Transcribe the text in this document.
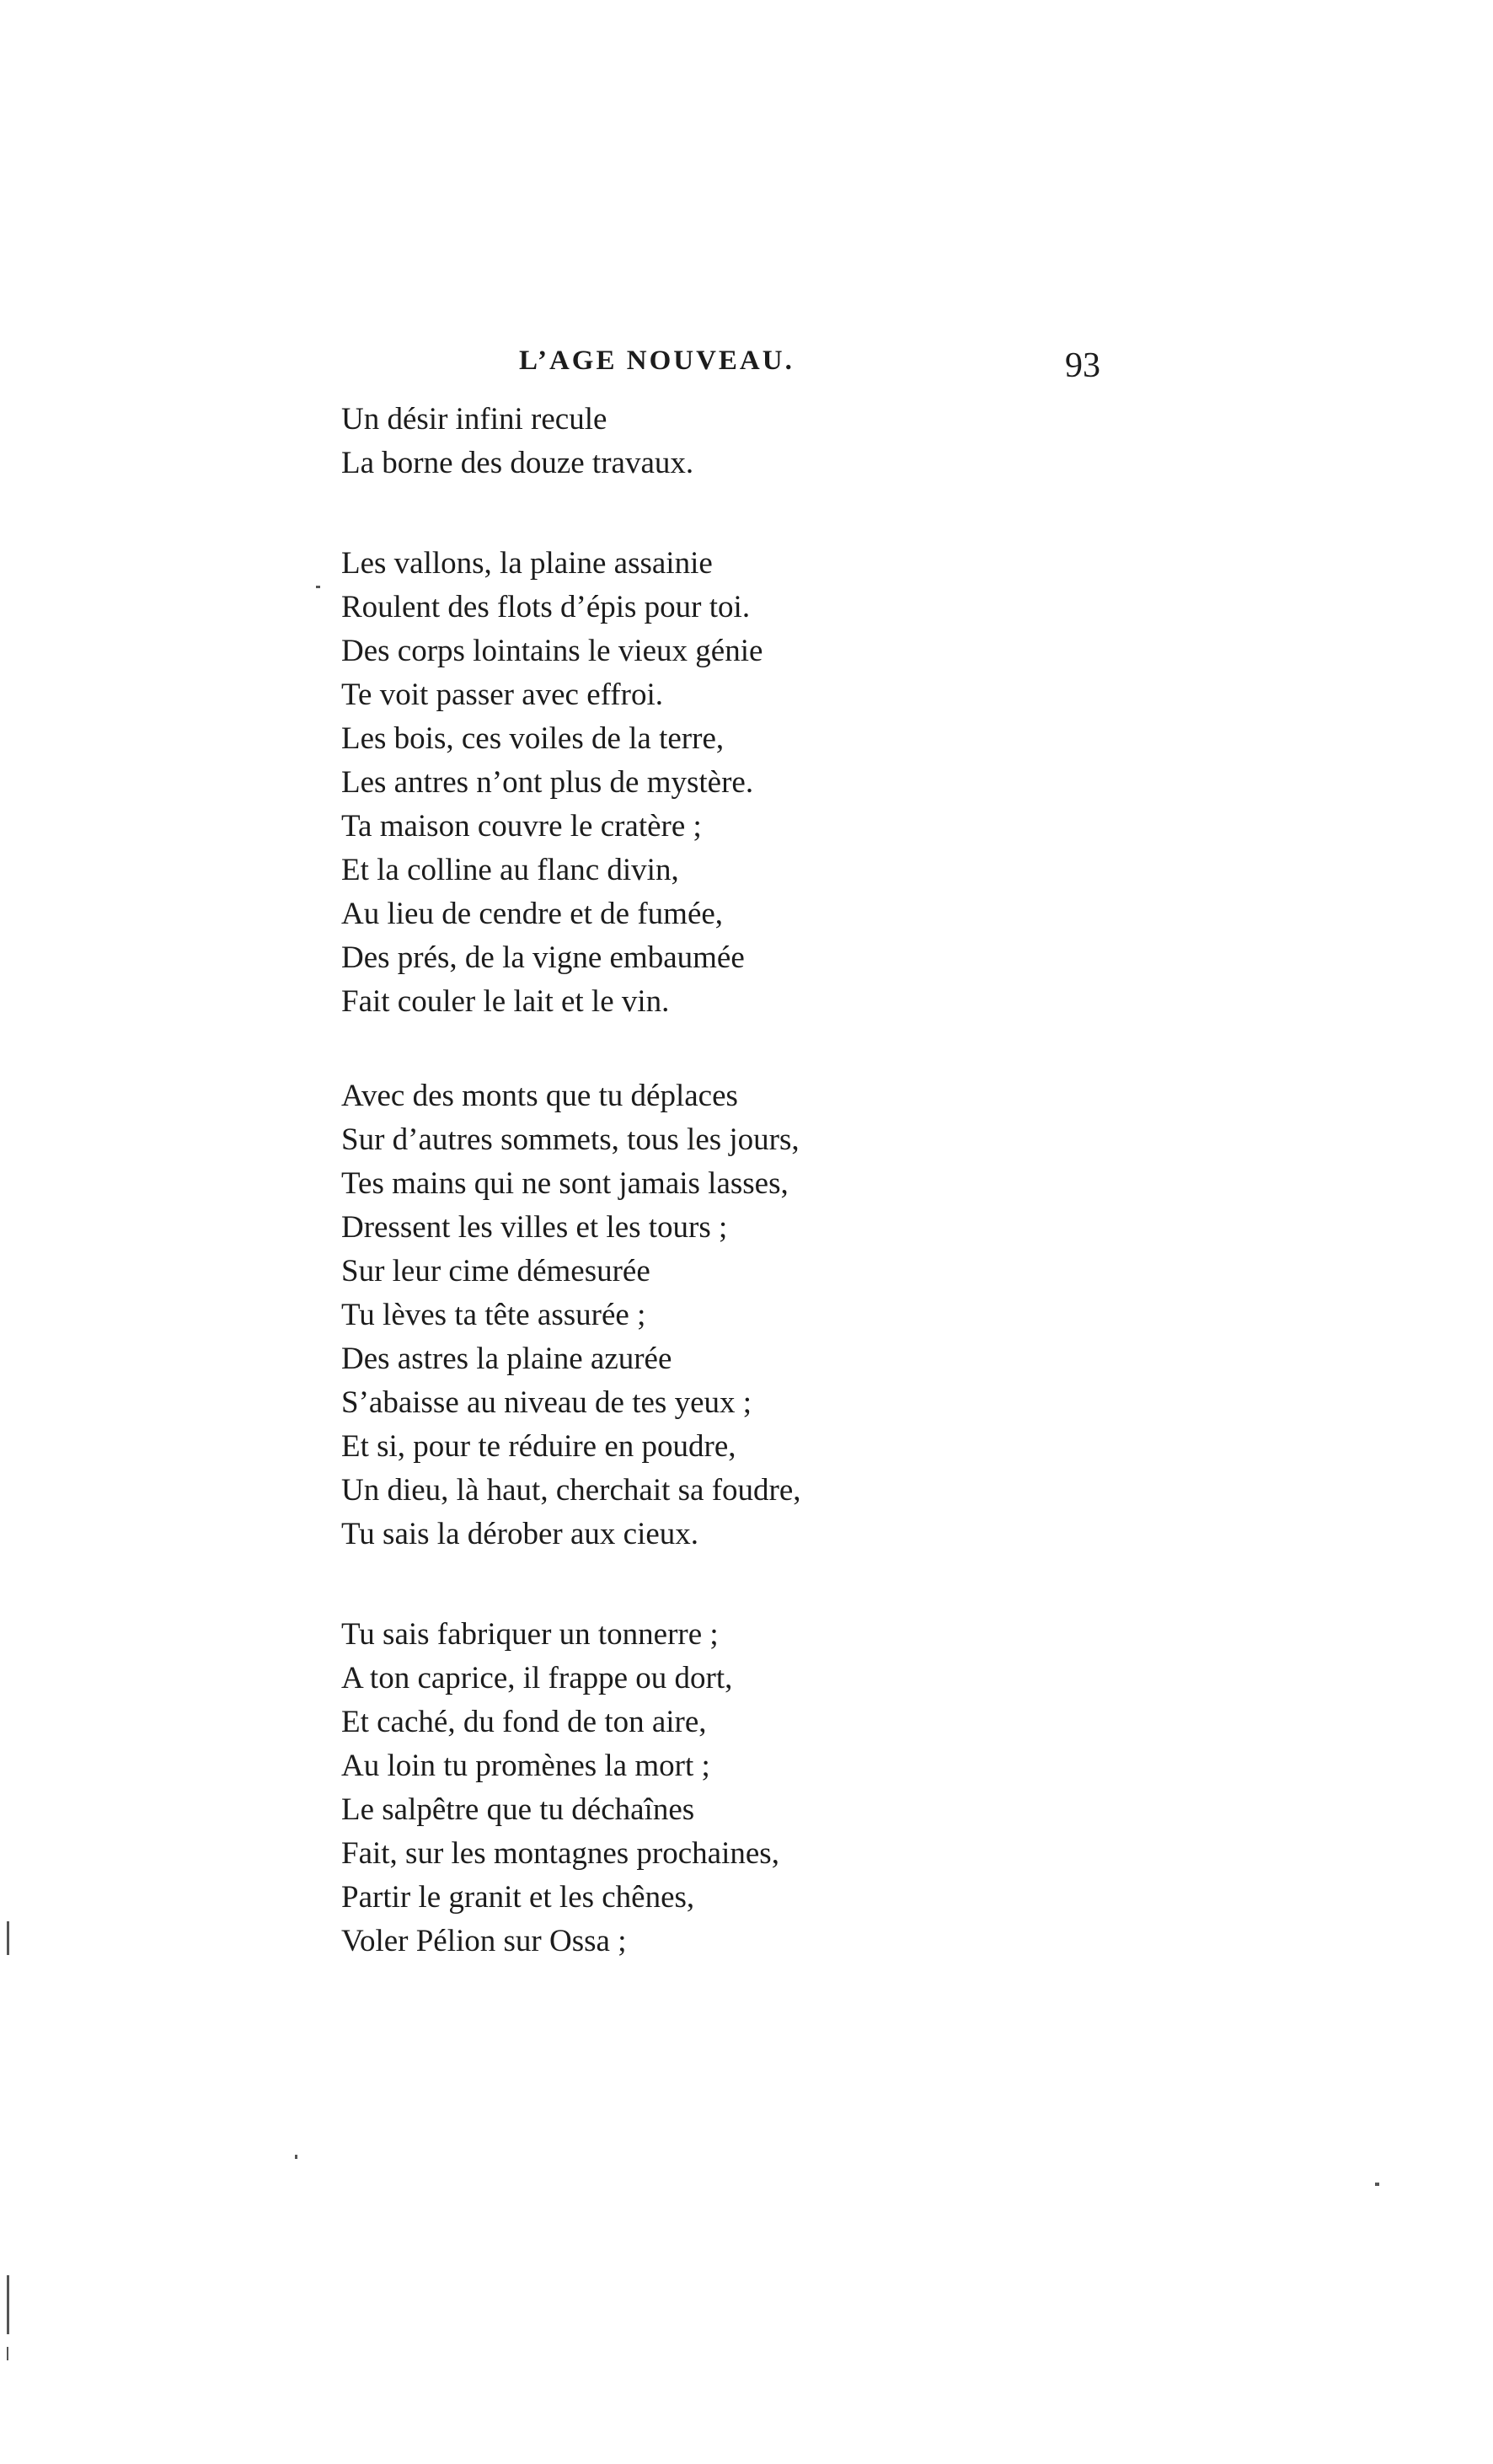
L’AGE NOUVEAU.	93
Un désir infini recule
La borne des douze travaux.
Les vallons, la plaine assainie
Roulent des flots d’épis pour toi.
Des corps lointains le vieux génie
Te voit passer avec effroi.
Les bois, ces voiles de la terre,
Les antres n’ont plus de mystère.
Ta maison couvre le cratère ;
Et la colline au flanc divin,
Au lieu de cendre et de fumée,
Des prés, de la vigne embaumée
Fait couler le lait et le vin.
Avec des monts que tu déplaces
Sur d’autres sommets, tous les jours,
Tes mains qui ne sont jamais lasses,
Dressent les villes et les tours ;
Sur leur cime démesurée
Tu lèves ta tête assurée ;
Des astres la plaine azurée
S’abaisse au niveau de tes yeux ;
Et si, pour te réduire en poudre,
Un dieu, là haut, cherchait sa foudre,
Tu sais la dérober aux cieux.
Tu sais fabriquer un tonnerre ;
A ton caprice, il frappe ou dort,
Et caché, du fond de ton aire,
Au loin tu promènes la mort ;
Le salpêtre que tu déchaînes
Fait, sur les montagnes prochaines,
Partir le granit et les chênes,
Voler Pélion sur Ossa ;
